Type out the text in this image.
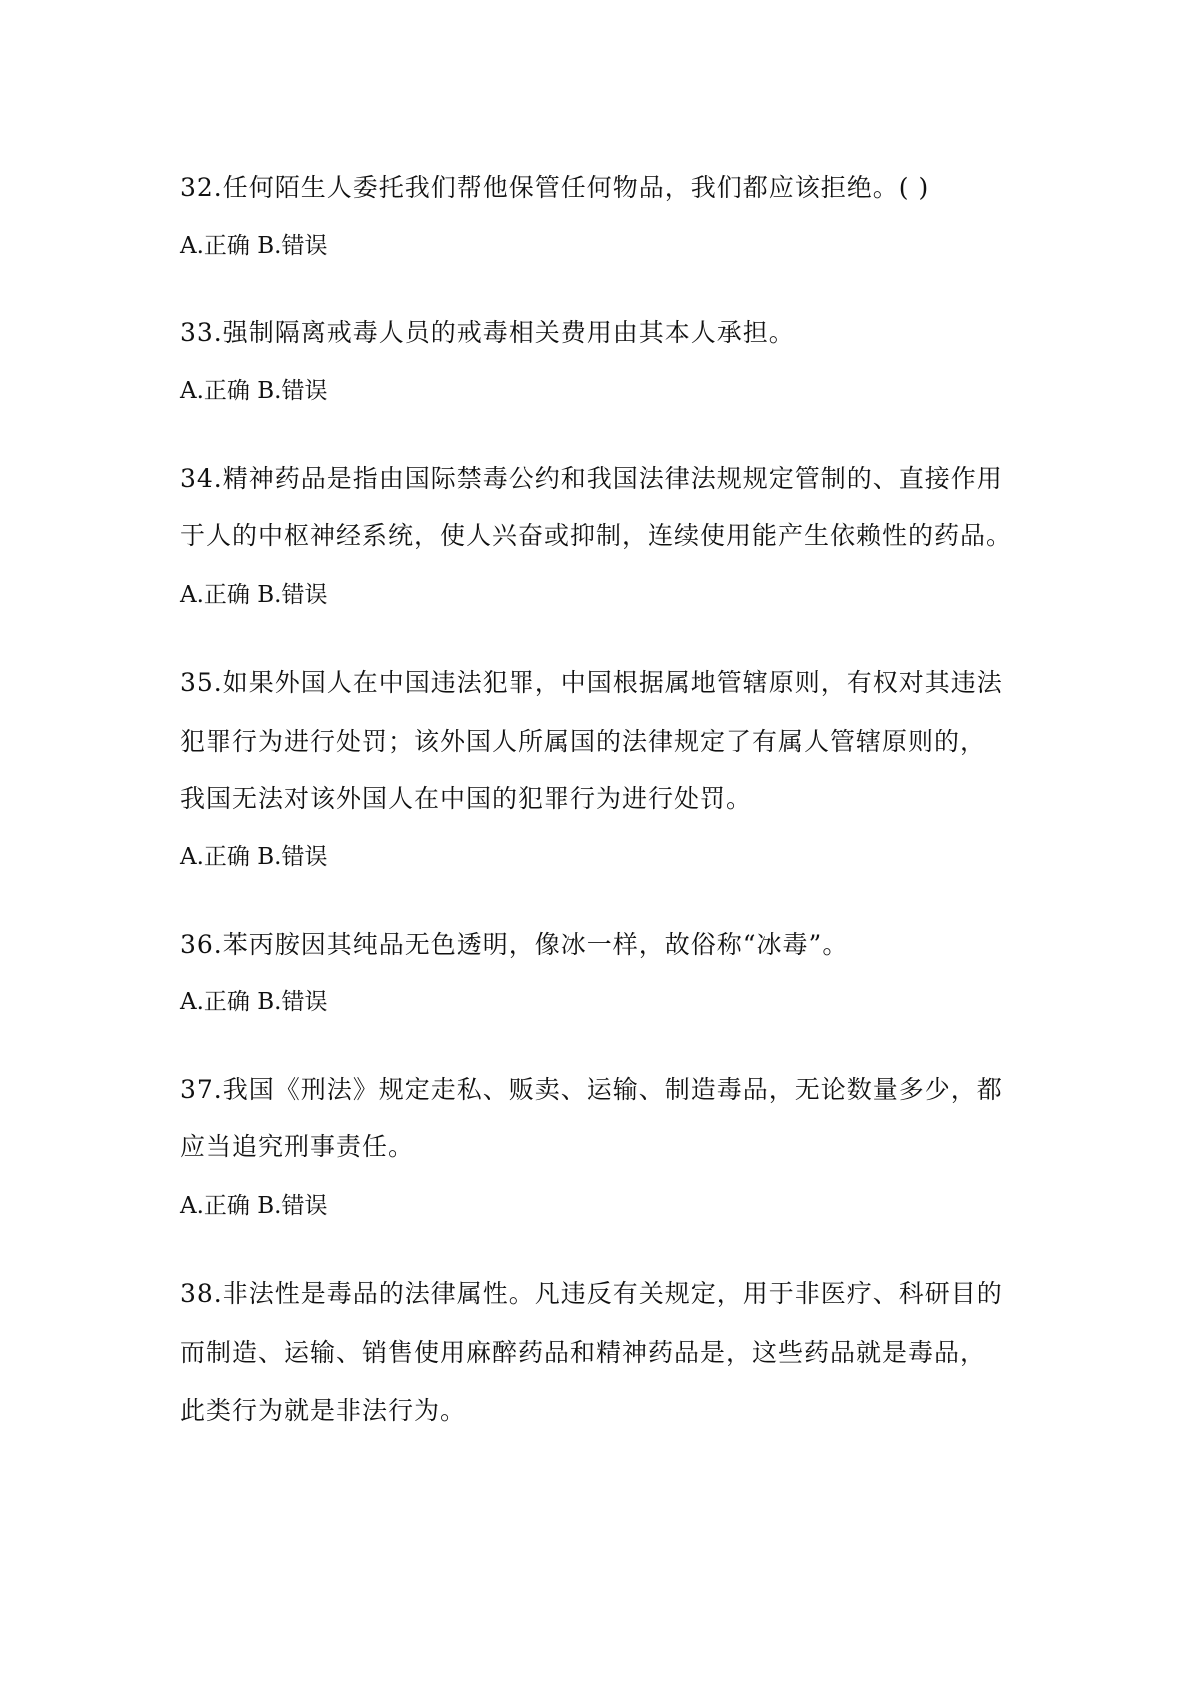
32.任何陌生人委托我们帮他保管任何物品，我们都应该拒绝。( )
A.正确 B.错误
33.强制隔离戒毒人员的戒毒相关费用由其本人承担。
A.正确 B.错误
34.精神药品是指由国际禁毒公约和我国法律法规规定管制的、直接作用
于人的中枢神经系统，使人兴奋或抑制，连续使用能产生依赖性的药品。
A.正确 B.错误
35.如果外国人在中国违法犯罪，中国根据属地管辖原则，有权对其违法
犯罪行为进行处罚；该外国人所属国的法律规定了有属人管辖原则的，
我国无法对该外国人在中国的犯罪行为进行处罚。
A.正确 B.错误
36.苯丙胺因其纯品无色透明，像冰一样，故俗称“冰毒”。
A.正确 B.错误
37.我国《刑法》规定走私、贩卖、运输、制造毒品，无论数量多少，都
应当追究刑事责任。
A.正确 B.错误
38.非法性是毒品的法律属性。凡违反有关规定，用于非医疗、科研目的
而制造、运输、销售使用麻醉药品和精神药品是，这些药品就是毒品，
此类行为就是非法行为。
